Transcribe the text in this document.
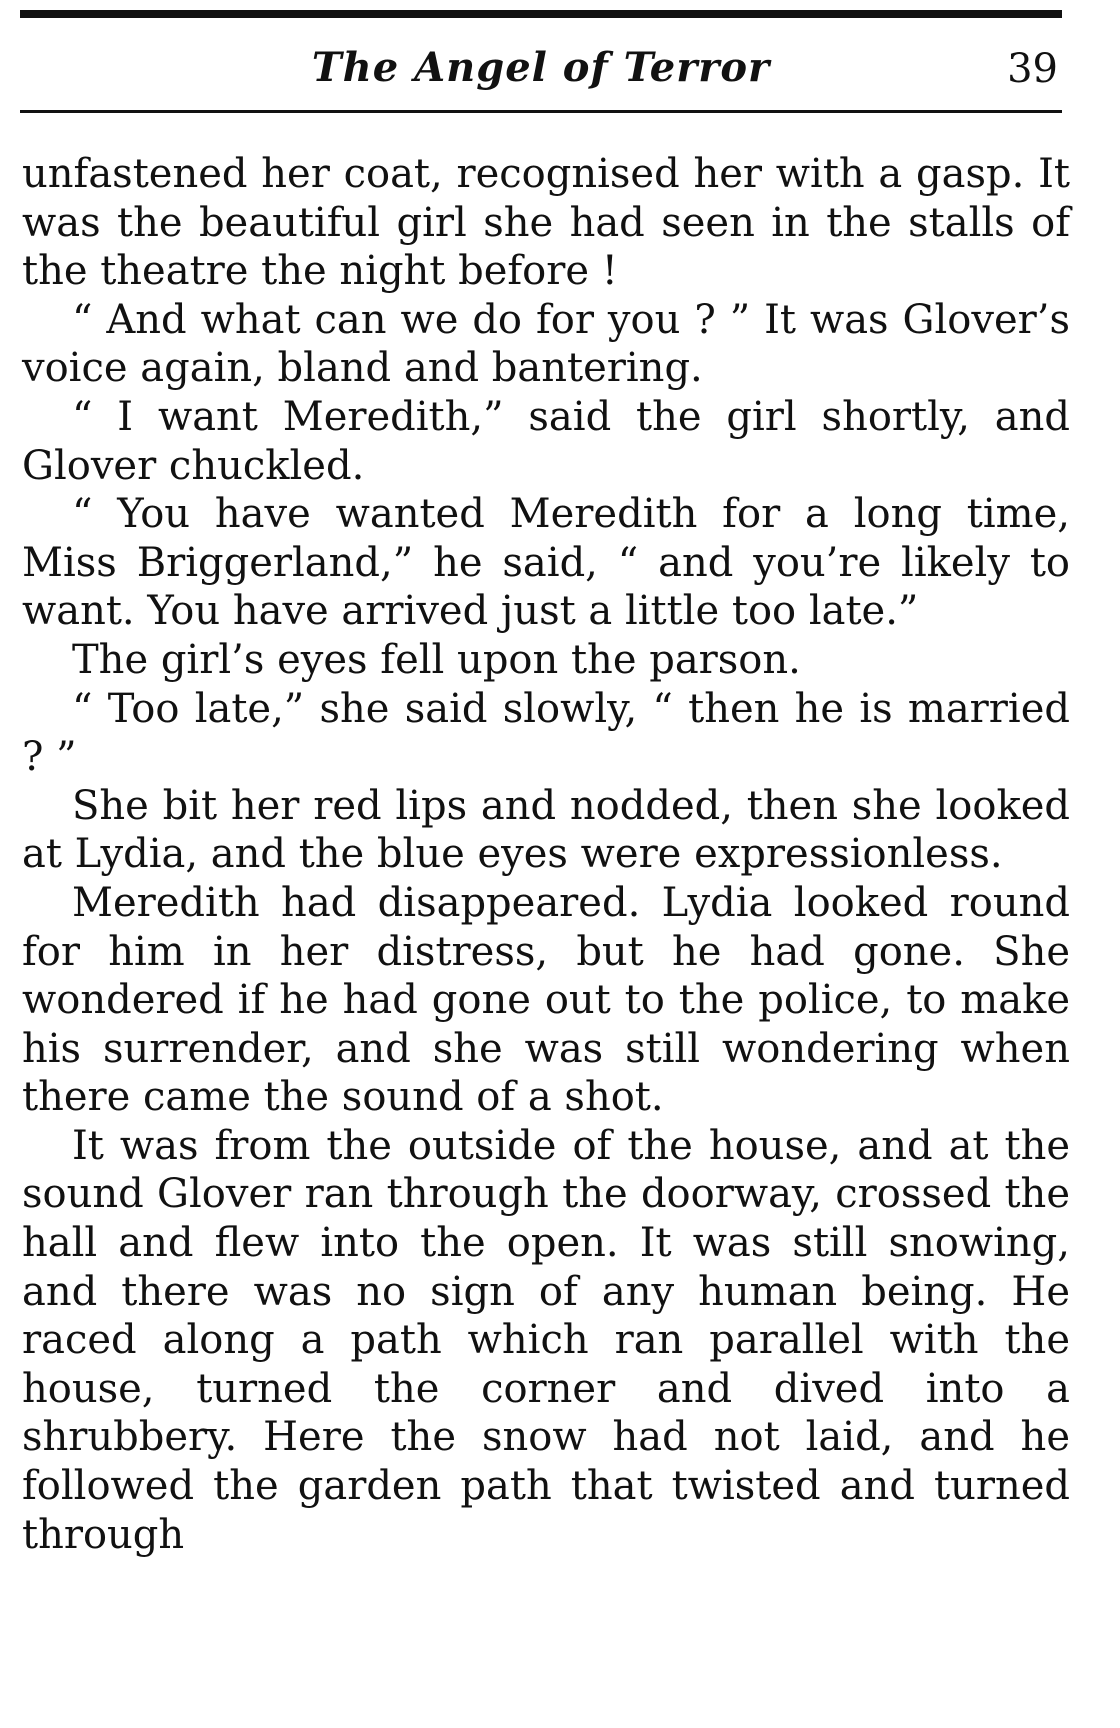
The Angel of Terror	39

unfastened her coat, recognised her with a gasp. It was the beautiful girl she had seen in the stalls of the theatre the night before !

“ And what can we do for you ? ” It was Glover’s voice again, bland and bantering.

“ I want Meredith,” said the girl shortly, and Glover chuckled.

“ You have wanted Meredith for a long time, Miss Briggerland,” he said, “ and you’re likely to want. You have arrived just a little too late.”

The girl’s eyes fell upon the parson.

“ Too late,” she said slowly, “ then he is married ? ”

She bit her red lips and nodded, then she looked at Lydia, and the blue eyes were expressionless.

Meredith had disappeared. Lydia looked round for him in her distress, but he had gone. She wondered if he had gone out to the police, to make his surrender, and she was still wondering when there came the sound of a shot.

It was from the outside of the house, and at the sound Glover ran through the doorway, crossed the hall and flew into the open. It was still snowing, and there was no sign of any human being. He raced along a path which ran parallel with the house, turned the corner and dived into a shrubbery. Here the snow had not laid, and he followed the garden path that twisted and turned through
